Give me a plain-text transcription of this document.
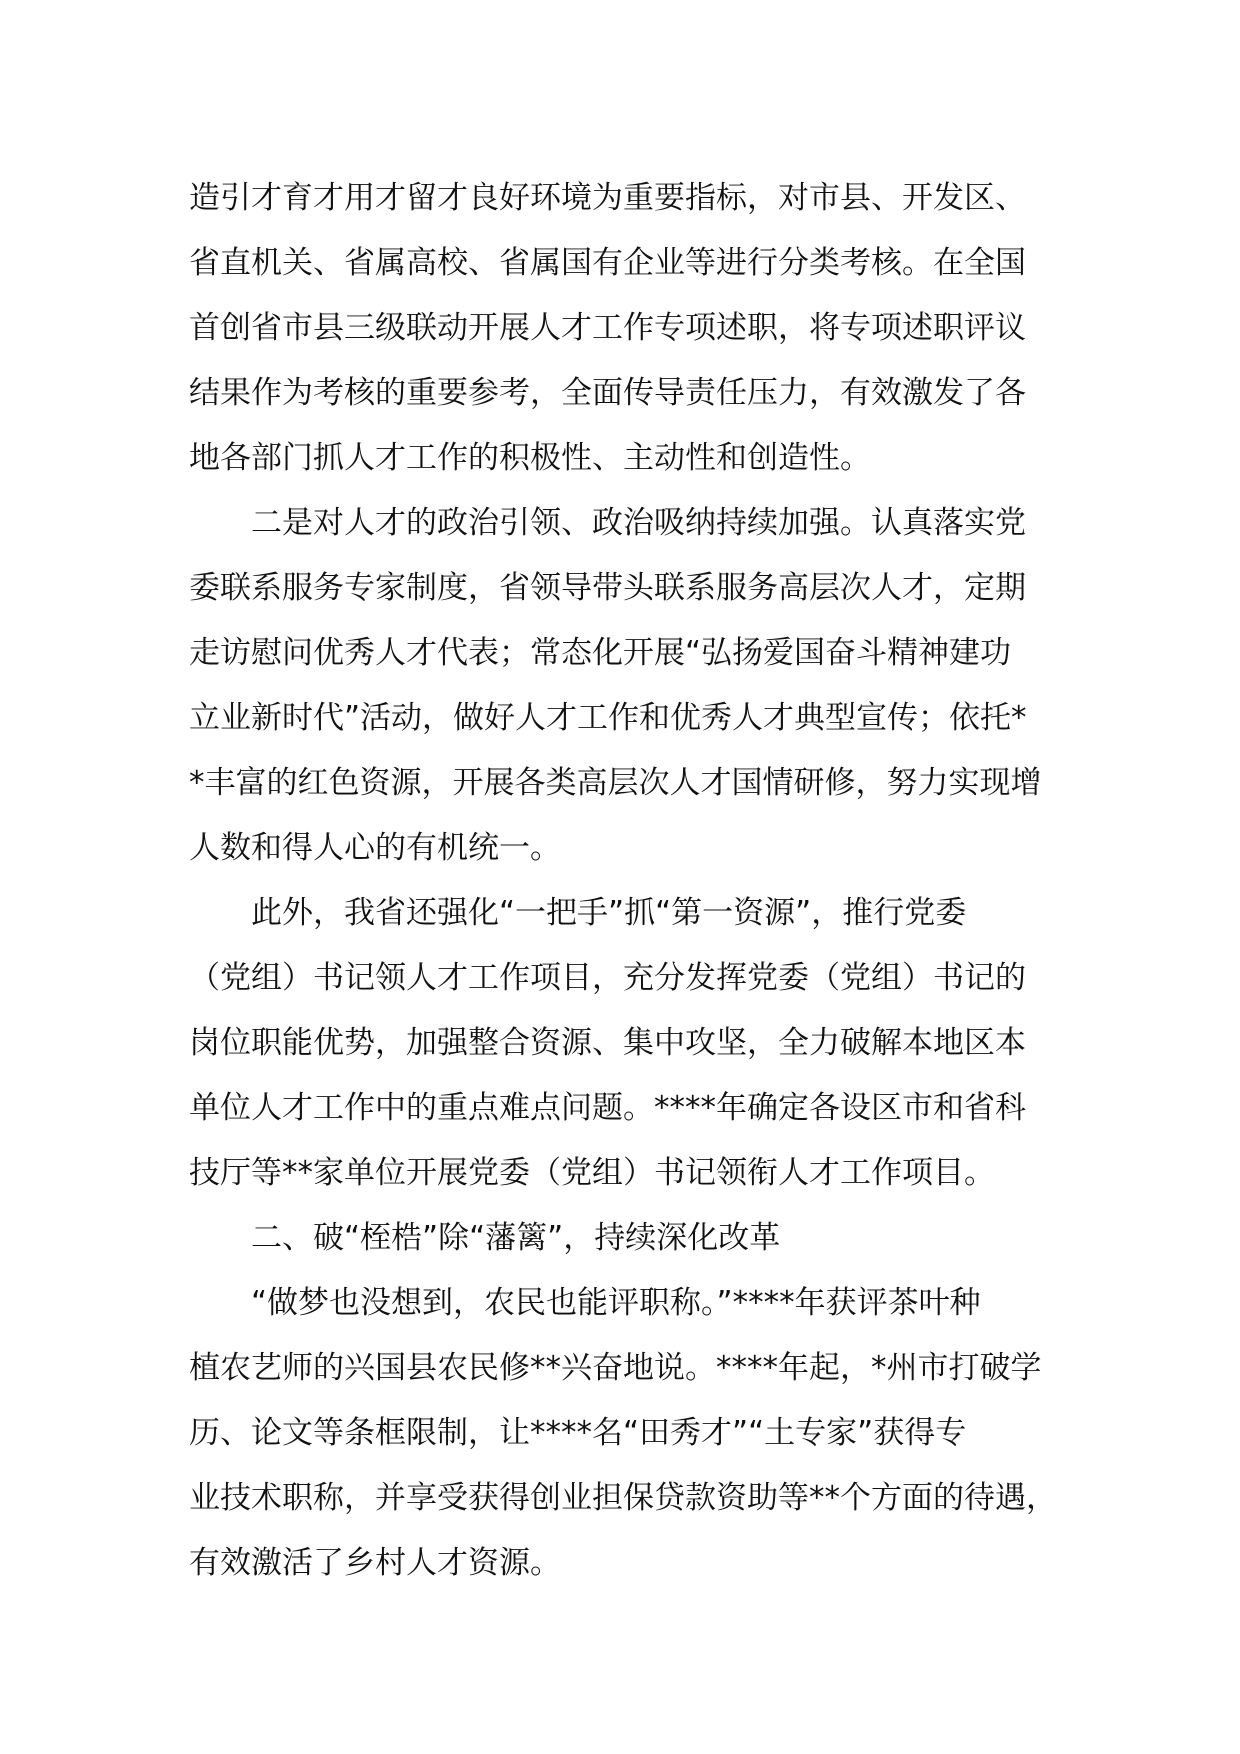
造引才育才用才留才良好环境为重要指标，对市县、开发区、
省直机关、省属高校、省属国有企业等进行分类考核。在全国
首创省市县三级联动开展人才工作专项述职，将专项述职评议
结果作为考核的重要参考，全面传导责任压力，有效激发了各
地各部门抓人才工作的积极性、主动性和创造性。
二是对人才的政治引领、政治吸纳持续加强。认真落实党
委联系服务专家制度，省领导带头联系服务高层次人才，定期
走访慰问优秀人才代表；常态化开展“弘扬爱国奋斗精神建功
立业新时代”活动，做好人才工作和优秀人才典型宣传；依托*
*丰富的红色资源，开展各类高层次人才国情研修，努力实现增
人数和得人心的有机统一。
此外，我省还强化“一把手”抓“第一资源”，推行党委
（党组）书记领人才工作项目，充分发挥党委（党组）书记的
岗位职能优势，加强整合资源、集中攻坚，全力破解本地区本
单位人才工作中的重点难点问题。****年确定各设区市和省科
技厅等**家单位开展党委（党组）书记领衔人才工作项目。
二、破“桎梏”除“藩篱”，持续深化改革
“做梦也没想到，农民也能评职称。”****年获评茶叶种
植农艺师的兴国县农民修**兴奋地说。****年起，*州市打破学
历、论文等条框限制，让****名“田秀才”“土专家”获得专
业技术职称，并享受获得创业担保贷款资助等**个方面的待遇，
有效激活了乡村人才资源。
